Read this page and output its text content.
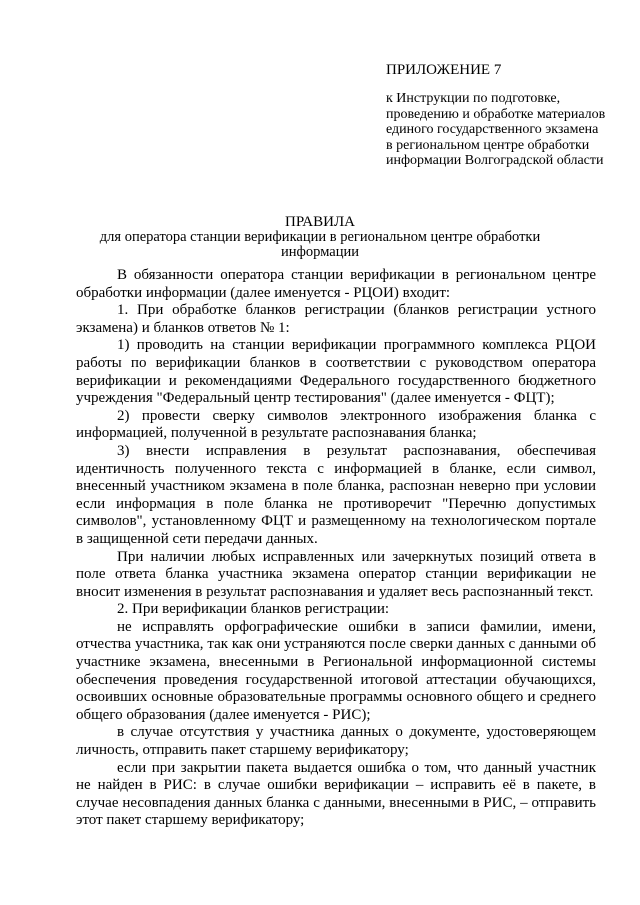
ПРИЛОЖЕНИЕ 7

к Инструкции по подготовке, проведению и обработке материалов единого государственного экзамена в региональном центре обработки информации Волгоградской области

ПРАВИЛА

для оператора станции верификации в региональном центре обработки информации

В обязанности оператора станции верификации в региональном центре обработки информации (далее именуется - РЦОИ) входит:

1. При обработке бланков регистрации (бланков регистрации устного экзамена) и бланков ответов № 1:

1) проводить на станции верификации программного комплекса РЦОИ работы по верификации бланков в соответствии с руководством оператора верификации и рекомендациями Федерального государственного бюджетного учреждения "Федеральный центр тестирования" (далее именуется - ФЦТ);

2) провести сверку символов электронного изображения бланка с информацией, полученной в результате распознавания бланка;

3) внести исправления в результат распознавания, обеспечивая идентичность полученного текста с информацией в бланке, если символ, внесенный участником экзамена в поле бланка, распознан неверно при условии если информация в поле бланка не противоречит "Перечню допустимых символов", установленному ФЦТ и размещенному на технологическом портале в защищенной сети передачи данных.

При наличии любых исправленных или зачеркнутых позиций ответа в поле ответа бланка участника экзамена оператор станции верификации не вносит изменения в результат распознавания и удаляет весь распознанный текст.

2. При верификации бланков регистрации:

не исправлять орфографические ошибки в записи фамилии, имени, отчества участника, так как они устраняются после сверки данных с данными об участнике экзамена, внесенными в Региональной информационной системы обеспечения проведения государственной итоговой аттестации обучающихся, освоивших основные образовательные программы основного общего и среднего общего образования (далее именуется - РИС);

в случае отсутствия у участника данных о документе, удостоверяющем личность, отправить пакет старшему верификатору;

если при закрытии пакета выдается ошибка о том, что данный участник не найден в РИС: в случае ошибки верификации – исправить её в пакете, в случае несовпадения данных бланка с данными, внесенными в РИС, – отправить этот пакет старшему верификатору;
